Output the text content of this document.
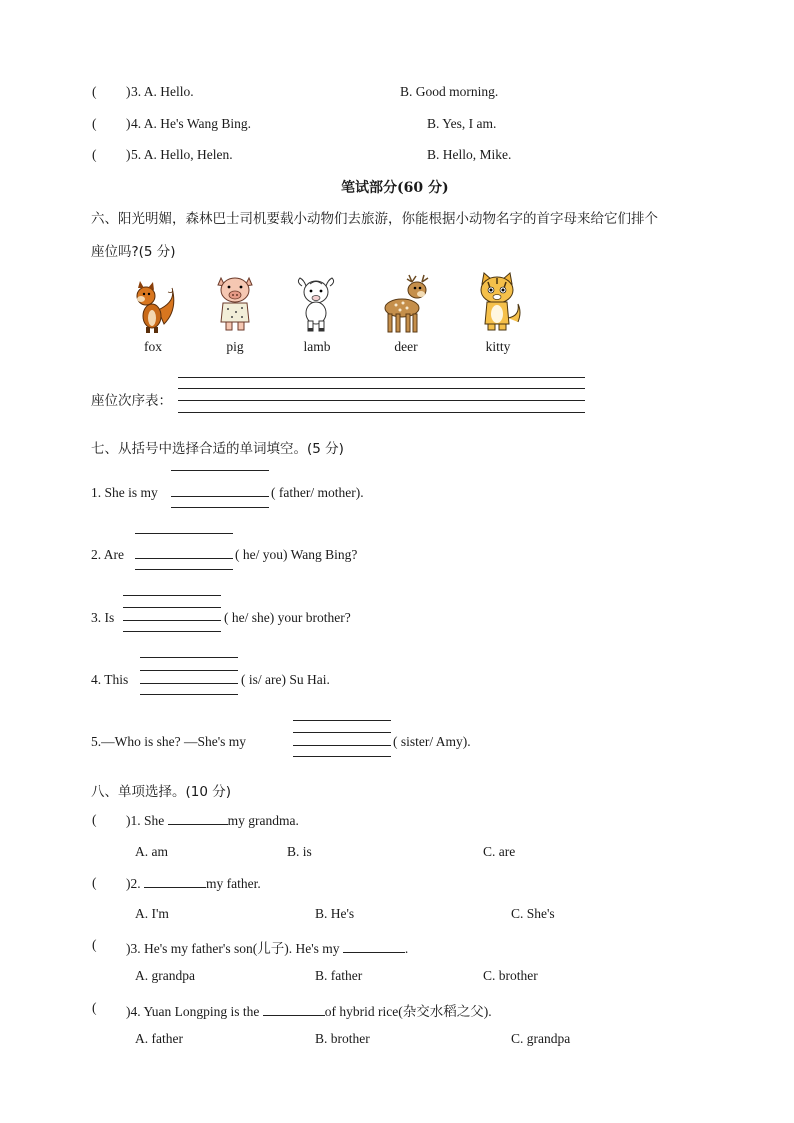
( ) 3. A. Hello.	B. Good morning.
( ) 4. A. He's Wang Bing.	B. Yes, I am.
( ) 5. A. Hello, Helen.	B. Hello, Mike.
笔试部分(60 分)
六、阳光明媚，森林巴士司机要载小动物们去旅游，你能根据小动物名字的首字母来给它们排个
座位吗?(5 分)
fox	pig	lamb	deer	kitty
座位次序表：
七、从括号中选择合适的单词填空。(5 分)
1. She is my	( father/ mother).
2. Are	( he/ you) Wang Bing?
3. Is	( he/ she) your brother?
4. This	( is/ are) Su Hai.
5.—Who is she? —She's my	( sister/ Amy).
八、单项选择。(10 分)
( )1. She	my grandma.
A. am	B. is	C. are
( )2.	my father.
A. I'm	B. He's	C. She's
( )3. He's my father's son(儿子). He's my	.
A. grandpa	B. father	C. brother
( )4. Yuan Longping is the	of hybrid rice(杂交水稻之父).
A. father	B. brother	C. grandpa
